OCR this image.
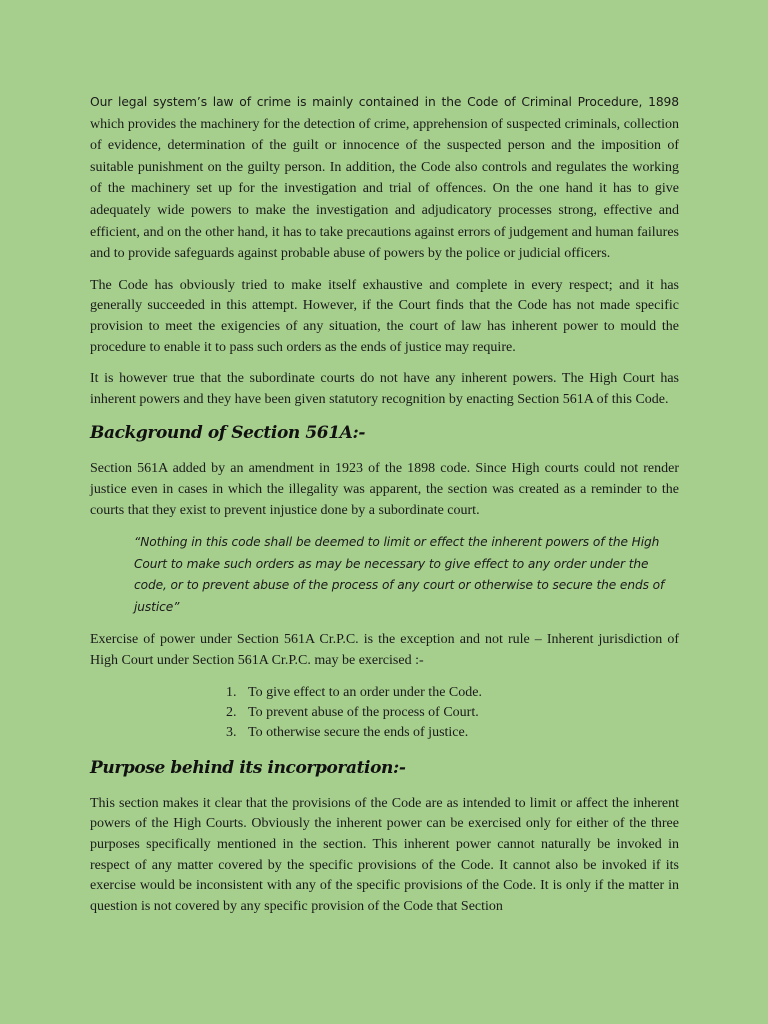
Our legal system’s law of crime is mainly contained in the Code of Criminal Procedure, 1898 which provides the machinery for the detection of crime, apprehension of suspected criminals, collection of evidence, determination of the guilt or innocence of the suspected person and the imposition of suitable punishment on the guilty person. In addition, the Code also controls and regulates the working of the machinery set up for the investigation and trial of offences. On the one hand it has to give adequately wide powers to make the investigation and adjudicatory processes strong, effective and efficient, and on the other hand, it has to take precautions against errors of judgement and human failures and to provide safeguards against probable abuse of powers by the police or judicial officers.

The Code has obviously tried to make itself exhaustive and complete in every respect; and it has generally succeeded in this attempt. However, if the Court finds that the Code has not made specific provision to meet the exigencies of any situation, the court of law has inherent power to mould the procedure to enable it to pass such orders as the ends of justice may require.

It is however true that the subordinate courts do not have any inherent powers. The High Court has inherent powers and they have been given statutory recognition by enacting Section 561A of this Code.

Background of Section 561A:-

Section 561A added by an amendment in 1923 of the 1898 code. Since High courts could not render justice even in cases in which the illegality was apparent, the section was created as a reminder to the courts that they exist to prevent injustice done by a subordinate court.

“Nothing in this code shall be deemed to limit or effect the inherent powers of the High Court to make such orders as may be necessary to give effect to any order under the code, or to prevent abuse of the process of any court or otherwise to secure the ends of justice”

Exercise of power under Section 561A Cr.P.C. is the exception and not rule – Inherent jurisdiction of High Court under Section 561A Cr.P.C. may be exercised :-

1. To give effect to an order under the Code.
2. To prevent abuse of the process of Court.
3. To otherwise secure the ends of justice.
Purpose behind its incorporation:-

This section makes it clear that the provisions of the Code are as intended to limit or affect the inherent powers of the High Courts. Obviously the inherent power can be exercised only for either of the three purposes specifically mentioned in the section. This inherent power cannot naturally be invoked in respect of any matter covered by the specific provisions of the Code. It cannot also be invoked if its exercise would be inconsistent with any of the specific provisions of the Code. It is only if the matter in question is not covered by any specific provision of the Code that Section
